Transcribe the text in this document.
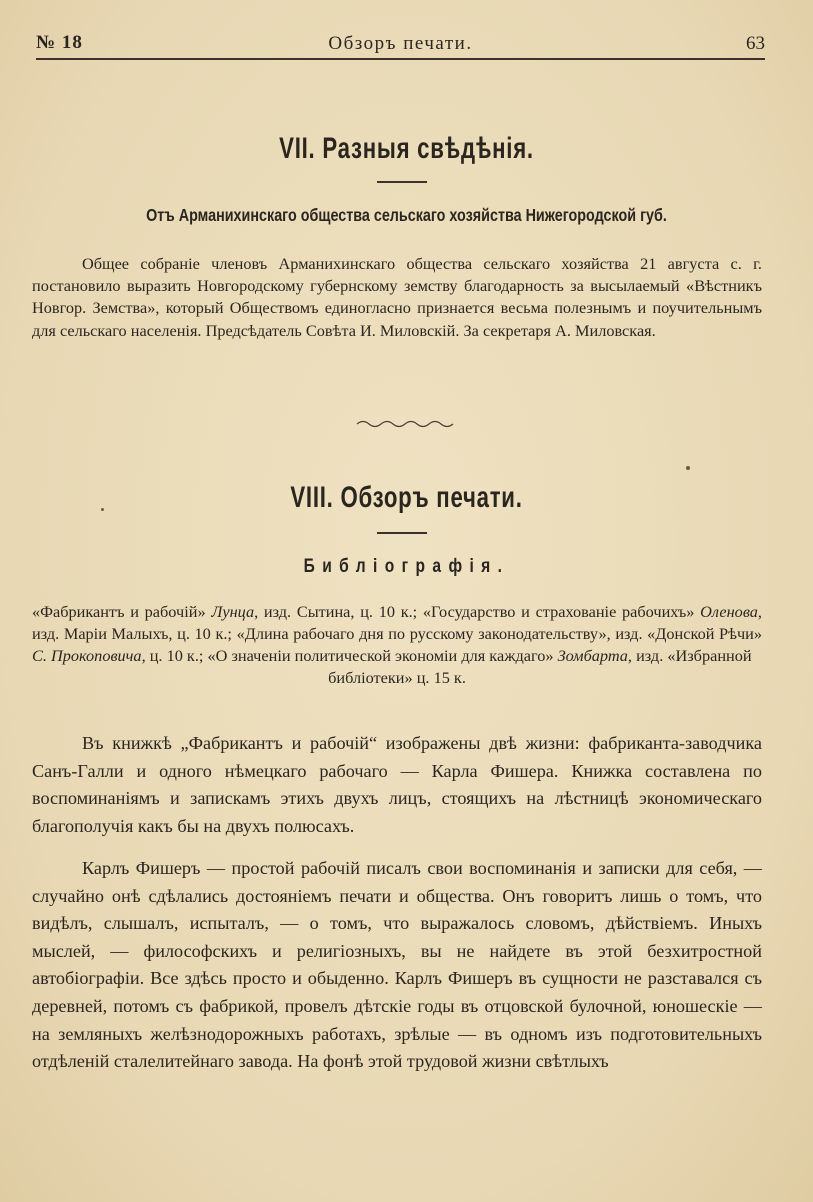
№ 18	Обзоръ печати.	63
VII. Разныя свѣдѣнія.
Отъ Арманихинскаго общества сельскаго хозяйства Нижегородской губ.

Общее собраніе членовъ Арманихинскаго общества сельскаго хозяйства 21 августа с. г. постановило выразить Новгородскому губернскому земству благодарность за высылаемый «Вѣстникъ Новгор. Земства», который Обществомъ единогласно признается весьма полезнымъ и поучительнымъ для сельскаго населенія. Предсѣдатель Совѣта И. Миловскій. За секретаря А. Миловская.

VIII. Обзоръ печати.
Библіографія.

«Фабрикантъ и рабочій» Лунца, изд. Сытина, ц. 10 к.; «Государство и страхованіе рабочихъ» Оленова, изд. Маріи Малыхъ, ц. 10 к.; «Длина рабочаго дня по русскому законодательству», изд. «Донской Рѣчи» С. Прокоповича, ц. 10 к.; «О значеніи политической экономіи для каждаго» Зомбарта, изд. «Избранной
библіотеки» ц. 15 к.

Въ книжкѣ „Фабрикантъ и рабочій“ изображены двѣ жизни: фабриканта-заводчика Санъ-Галли и одного нѣмецкаго рабочаго — Карла Фишера. Книжка составлена по воспоминаніямъ и запискамъ этихъ двухъ лицъ, стоящихъ на лѣстницѣ экономическаго благополучія какъ бы на двухъ полюсахъ.

Карлъ Фишеръ — простой рабочій писалъ свои воспоминанія и записки для себя, — случайно онѣ сдѣлались достояніемъ печати и общества. Онъ говоритъ лишь о томъ, что видѣлъ, слышалъ, испыталъ, — о томъ, что выражалось словомъ, дѣйствіемъ. Иныхъ мыслей, — философскихъ и религіозныхъ, вы не найдете въ этой безхитростной автобіографіи. Все здѣсь просто и обыденно. Карлъ Фишеръ въ сущности не разставался съ деревней, потомъ съ фабрикой, провелъ дѣтскіе годы въ отцовской булочной, юношескіе — на земляныхъ желѣзнодорожныхъ работахъ, зрѣлые — въ одномъ изъ подготовительныхъ отдѣленій сталелитейнаго завода. На фонѣ этой трудовой жизни свѣтлыхъ
